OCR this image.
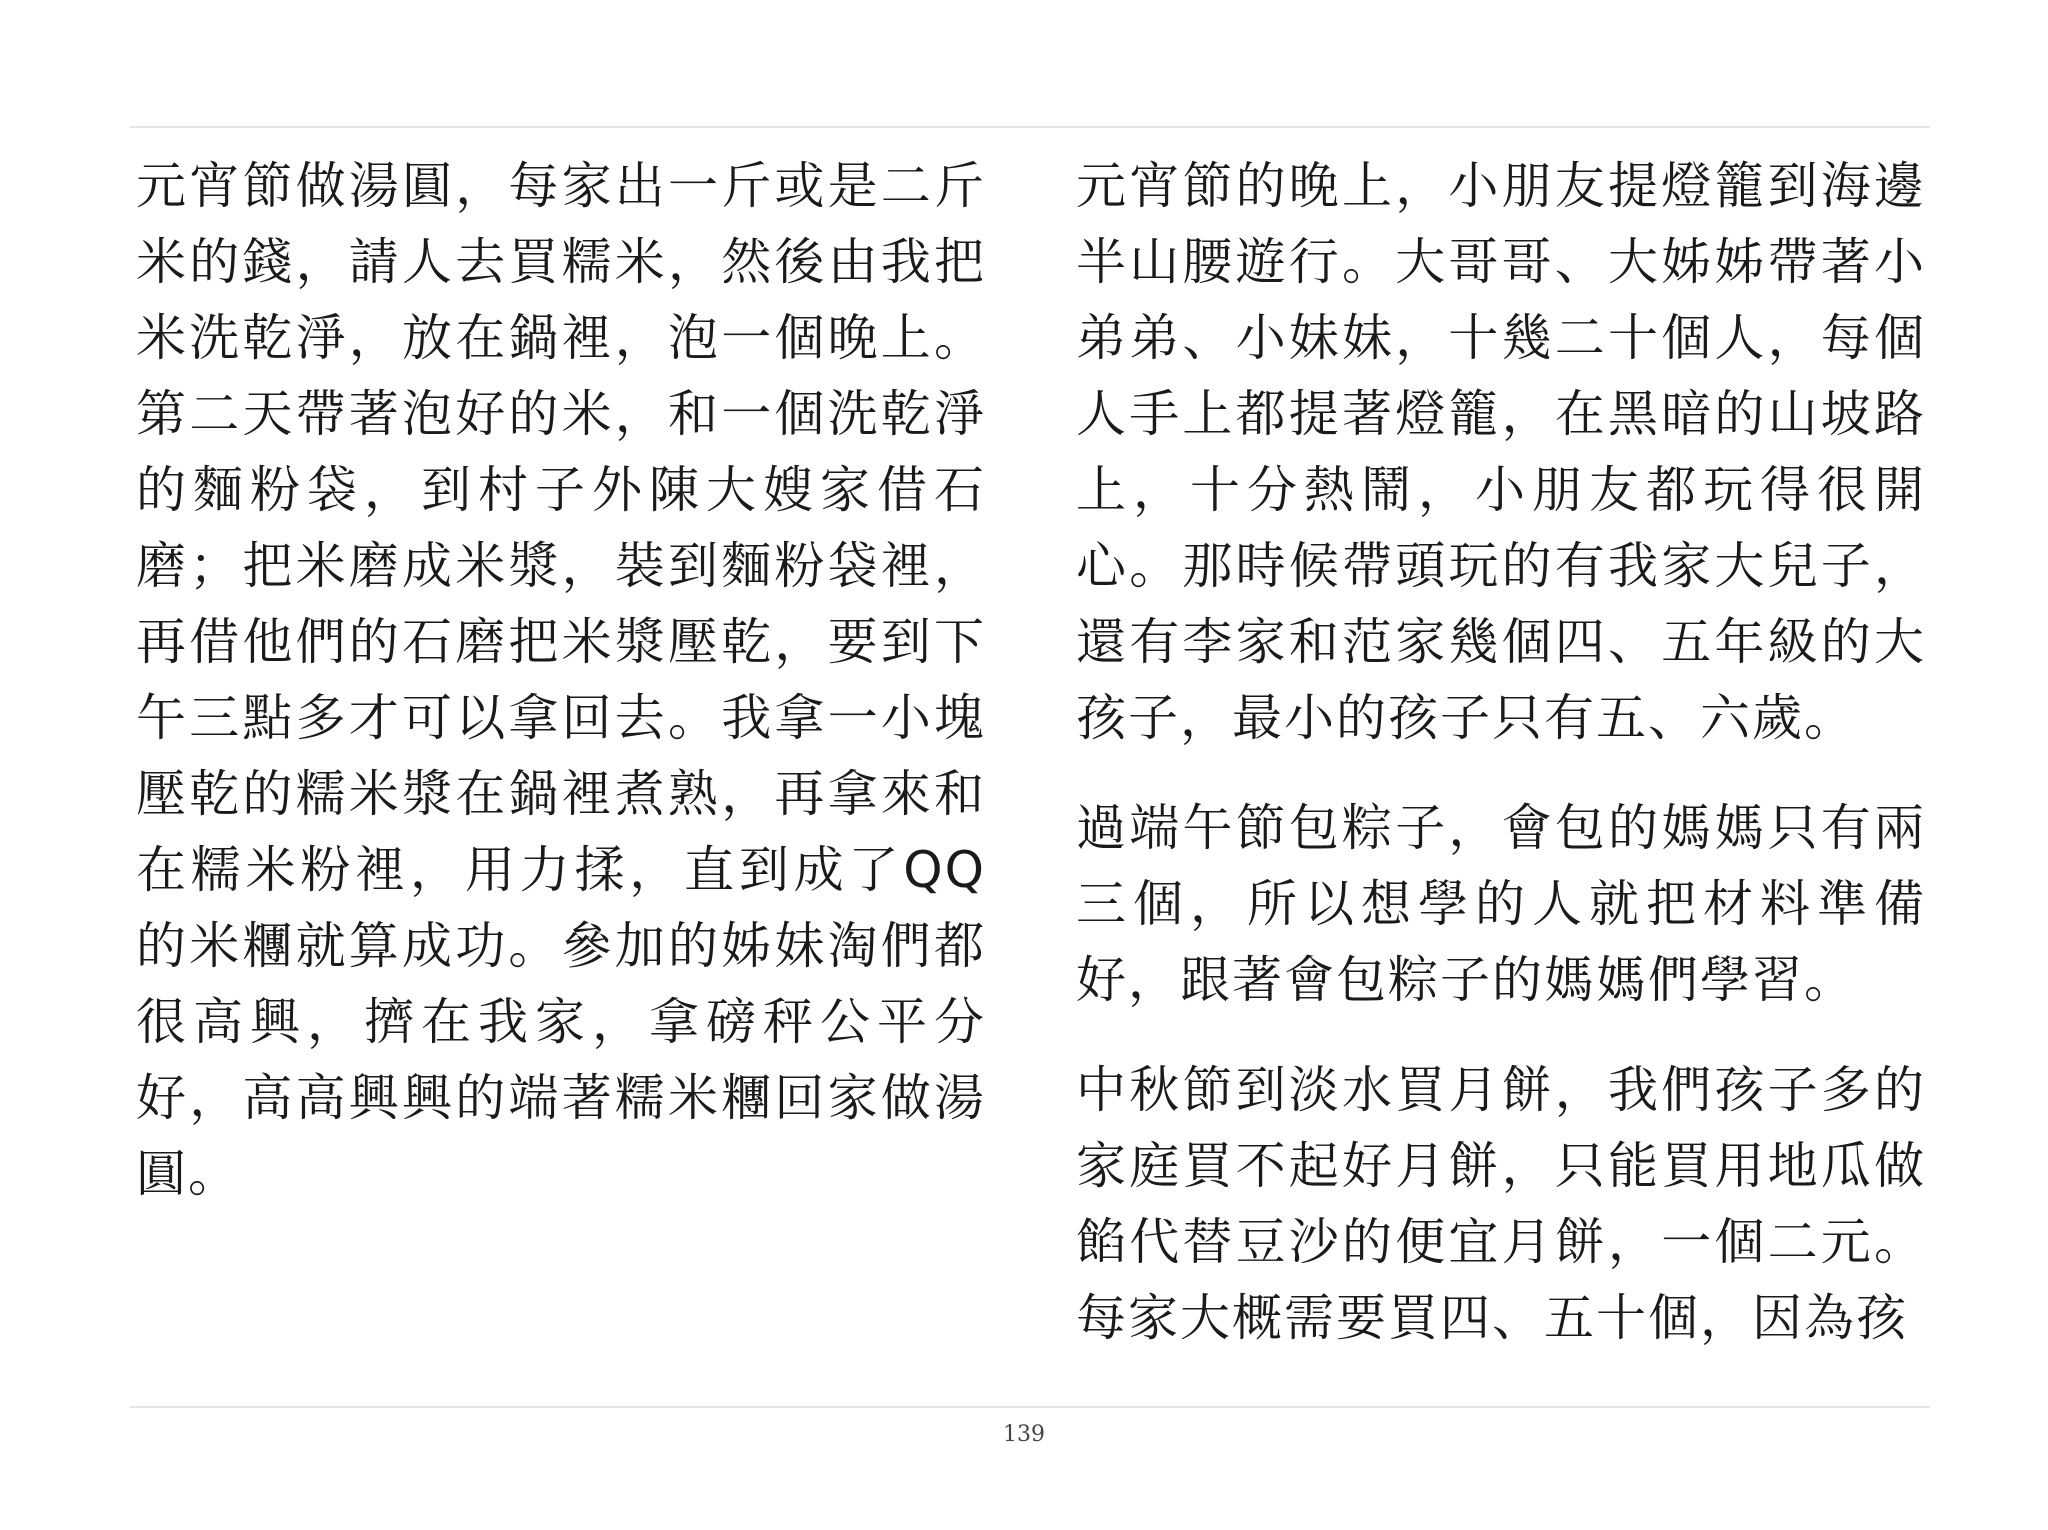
元宵節做湯圓，每家出一斤或是二斤米的錢，請人去買糯米，然後由我把米洗乾淨，放在鍋裡，泡一個晚上。第二天帶著泡好的米，和一個洗乾淨的麵粉袋，到村子外陳大嫂家借石磨；把米磨成米漿，裝到麵粉袋裡，再借他們的石磨把米漿壓乾，要到下午三點多才可以拿回去。我拿一小塊壓乾的糯米漿在鍋裡煮熟，再拿來和在糯米粉裡，用力揉，直到成了QQ的米糰就算成功。參加的姊妹淘們都很高興，擠在我家，拿磅秤公平分好，高高興興的端著糯米糰回家做湯圓。

元宵節的晚上，小朋友提燈籠到海邊半山腰遊行。大哥哥、大姊姊帶著小弟弟、小妹妹，十幾二十個人，每個人手上都提著燈籠，在黑暗的山坡路上，十分熱鬧，小朋友都玩得很開心。那時候帶頭玩的有我家大兒子，還有李家和范家幾個四、五年級的大孩子，最小的孩子只有五、六歲。

過端午節包粽子，會包的媽媽只有兩三個，所以想學的人就把材料準備好，跟著會包粽子的媽媽們學習。

中秋節到淡水買月餅，我們孩子多的家庭買不起好月餅，只能買用地瓜做餡代替豆沙的便宜月餅，一個二元。每家大概需要買四、五十個，因為孩

139
